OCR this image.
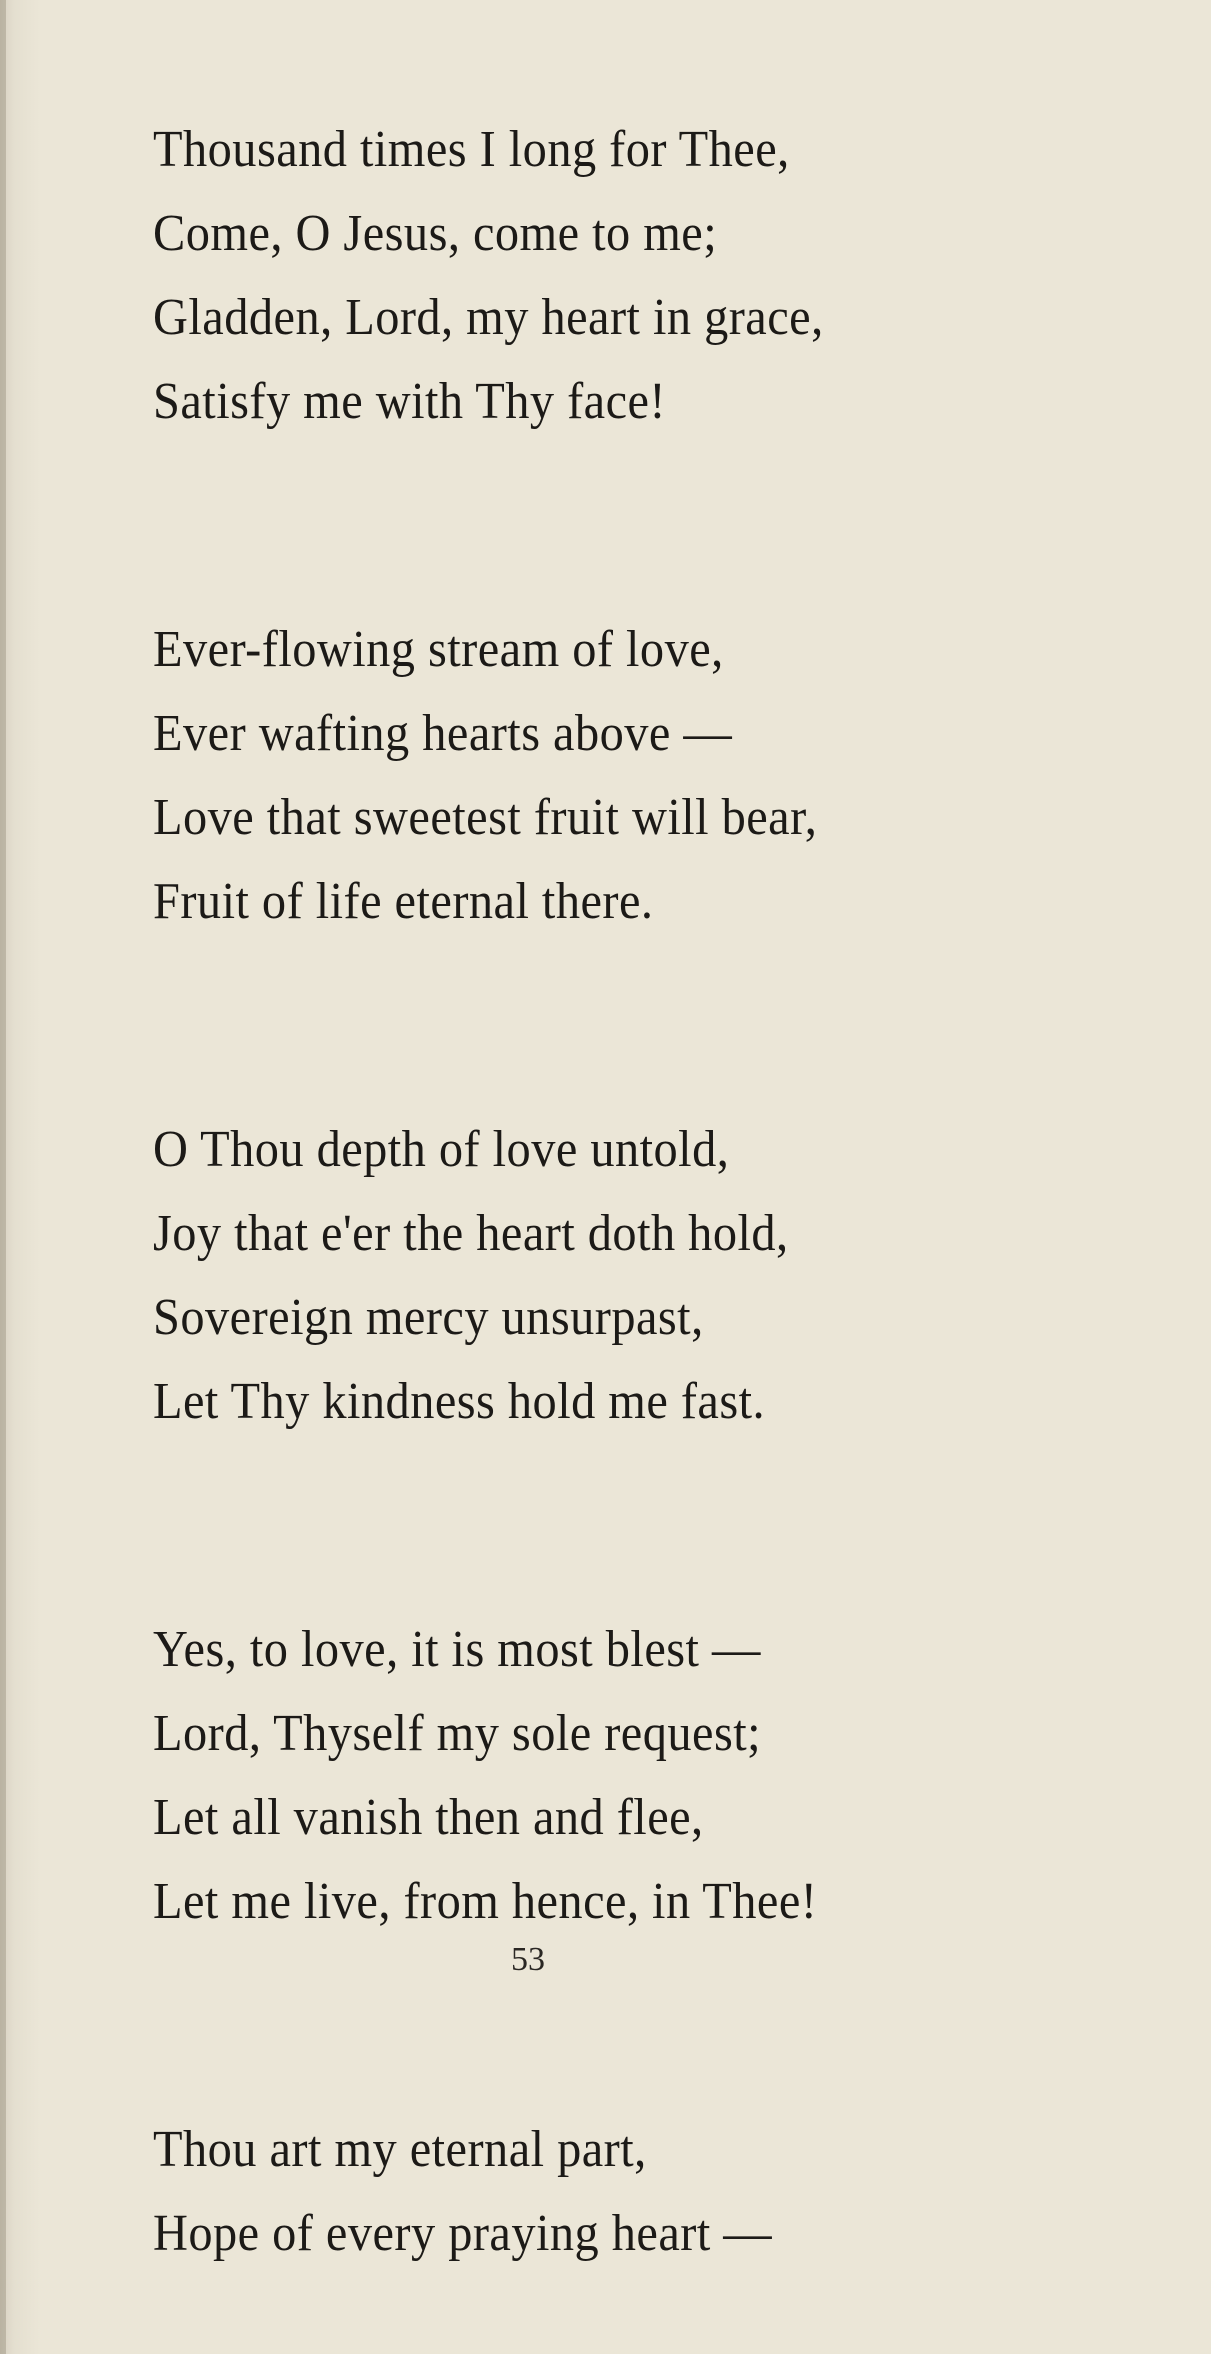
Thousand times I long for Thee,
Come, O Jesus, come to me;
Gladden, Lord, my heart in grace,
Satisfy me with Thy face!
Ever-flowing stream of love,
Ever wafting hearts above —
Love that sweetest fruit will bear,
Fruit of life eternal there.
O Thou depth of love untold,
Joy that e'er the heart doth hold,
Sovereign mercy unsurpast,
Let Thy kindness hold me fast.
Yes, to love, it is most blest —
Lord, Thyself my sole request;
Let all vanish then and flee,
Let me live, from hence, in Thee!
Thou art my eternal part,
Hope of every praying heart —
53
